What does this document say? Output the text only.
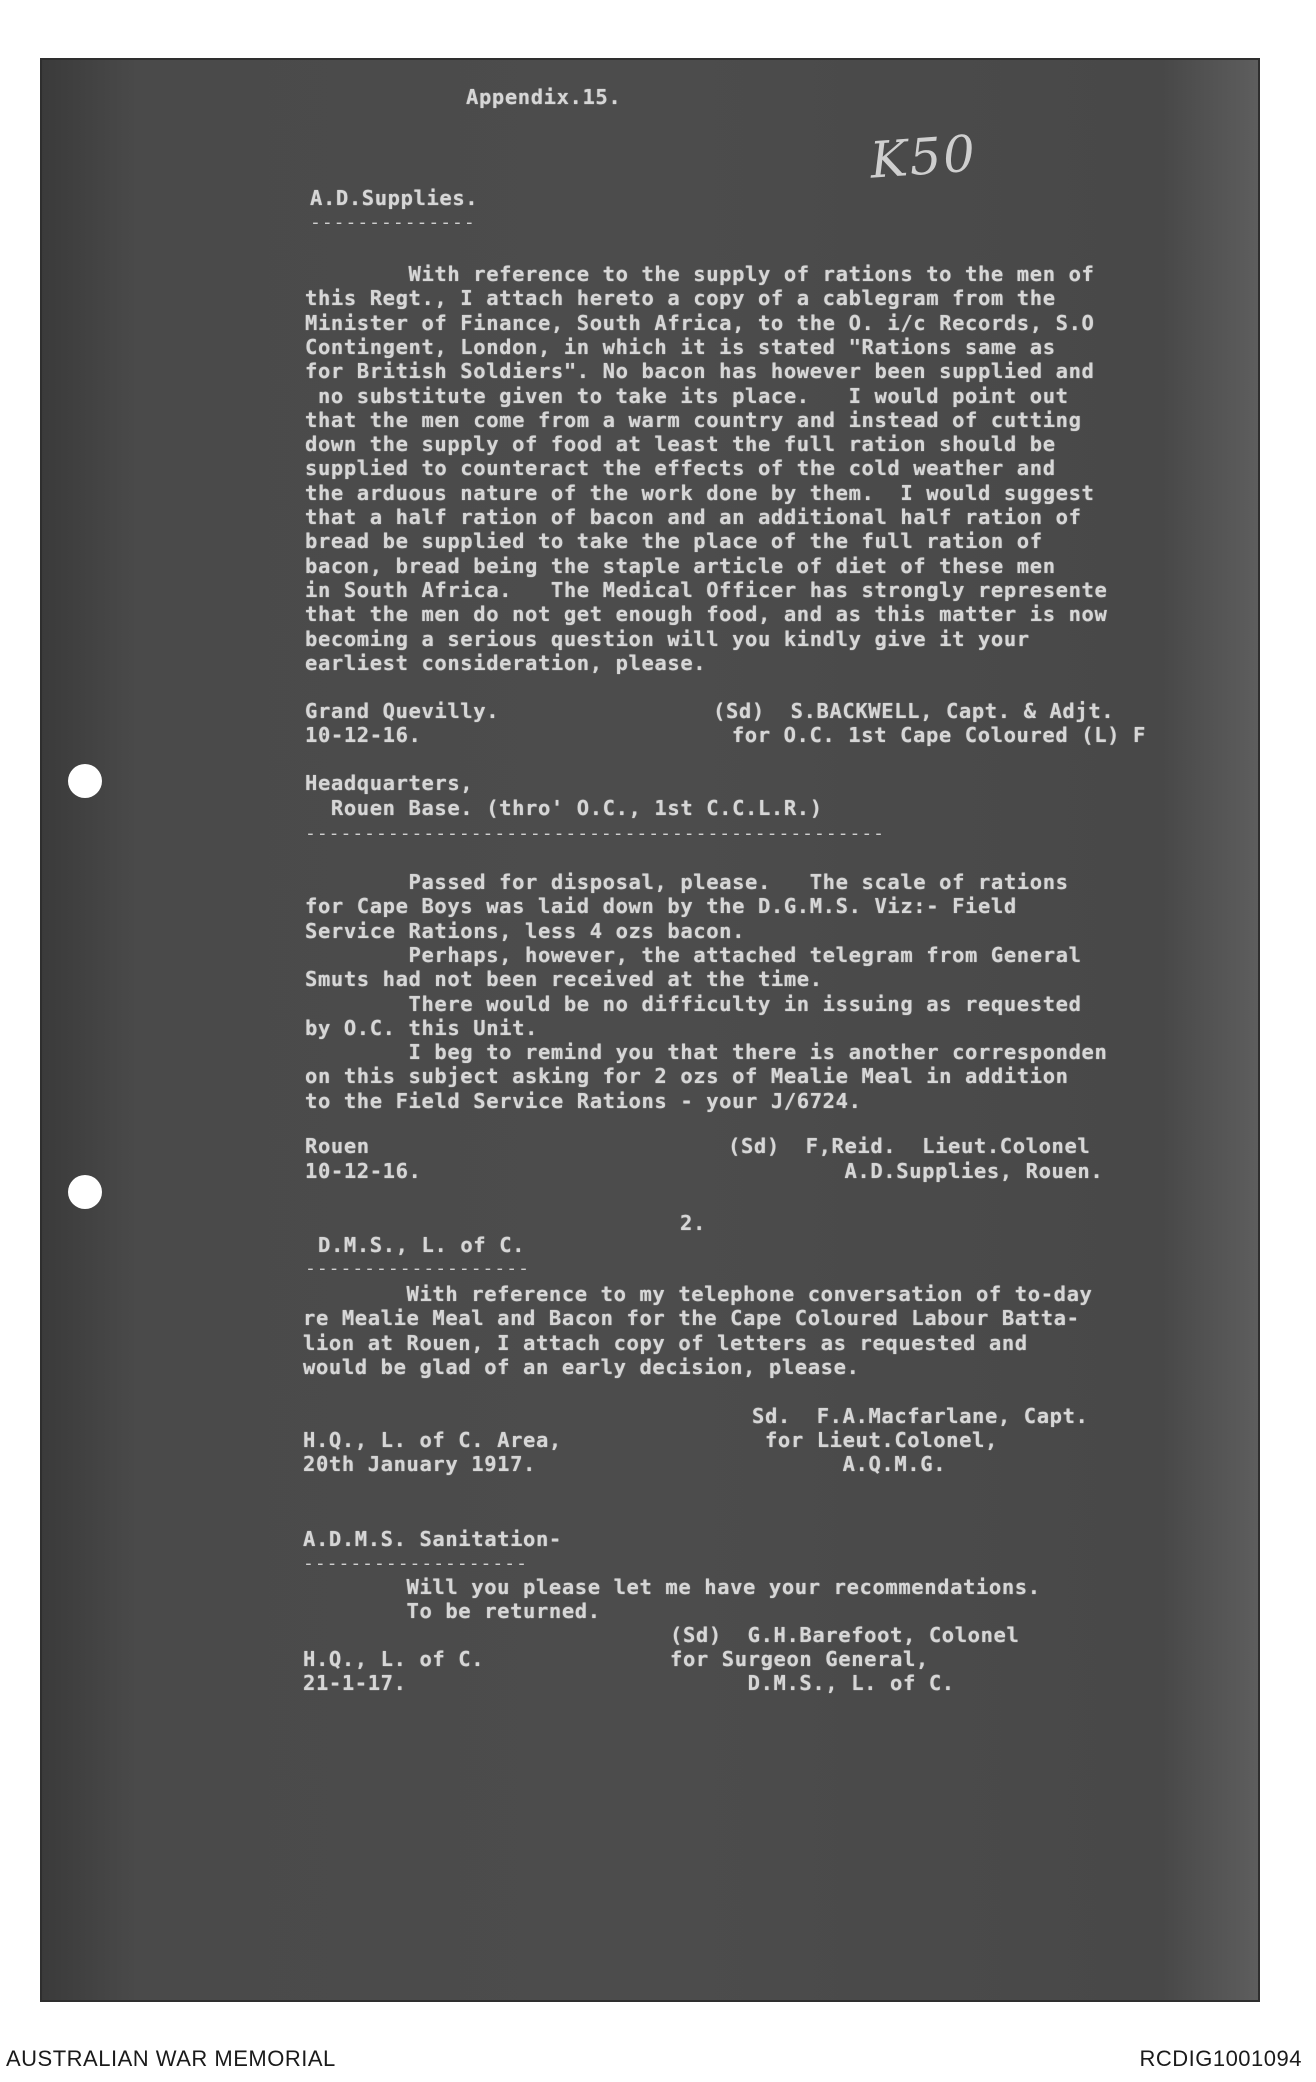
Appendix.15.
K50
A.D.Supplies.
--------------
With reference to the supply of rations to the men of
this Regt., I attach hereto a copy of a cablegram from the
Minister of Finance, South Africa, to the O. i/c Records, S.O
Contingent, London, in which it is stated "Rations same as
for British Soldiers". No bacon has however been supplied and
no substitute given to take its place.   I would point out
that the men come from a warm country and instead of cutting
down the supply of food at least the full ration should be
supplied to counteract the effects of the cold weather and
the arduous nature of the work done by them.  I would suggest
that a half ration of bacon and an additional half ration of
bread be supplied to take the place of the full ration of
bacon, bread being the staple article of diet of these men
in South Africa.   The Medical Officer has strongly represente
that the men do not get enough food, and as this matter is now
becoming a serious question will you kindly give it your
earliest consideration, please.
Grand Quevilly.
10-12-16.
(Sd)  S.BACKWELL, Capt. & Adjt.
for O.C. 1st Cape Coloured (L) F
Headquarters,
Rouen Base. (thro' O.C., 1st C.C.L.R.)
-------------------------------------------------
Passed for disposal, please.   The scale of rations
for Cape Boys was laid down by the D.G.M.S. Viz:- Field
Service Rations, less 4 ozs bacon.
Perhaps, however, the attached telegram from General
Smuts had not been received at the time.
There would be no difficulty in issuing as requested
by O.C. this Unit.
I beg to remind you that there is another corresponden
on this subject asking for 2 ozs of Mealie Meal in addition
to the Field Service Rations - your J/6724.
Rouen
10-12-16.
(Sd)  F,Reid.  Lieut.Colonel
A.D.Supplies, Rouen.
2.
D.M.S., L. of C.
-------------------
With reference to my telephone conversation of to-day
re Mealie Meal and Bacon for the Cape Coloured Labour Batta-
lion at Rouen, I attach copy of letters as requested and
would be glad of an early decision, please.
Sd.  F.A.Macfarlane, Capt.
for Lieut.Colonel,
A.Q.M.G.
H.Q., L. of C. Area,
20th January 1917.
A.D.M.S. Sanitation-
-------------------
Will you please let me have your recommendations.
To be returned.
(Sd)  G.H.Barefoot, Colonel
for Surgeon General,
D.M.S., L. of C.
H.Q., L. of C.
21-1-17.
AUSTRALIAN WAR MEMORIAL	RCDIG1001094
